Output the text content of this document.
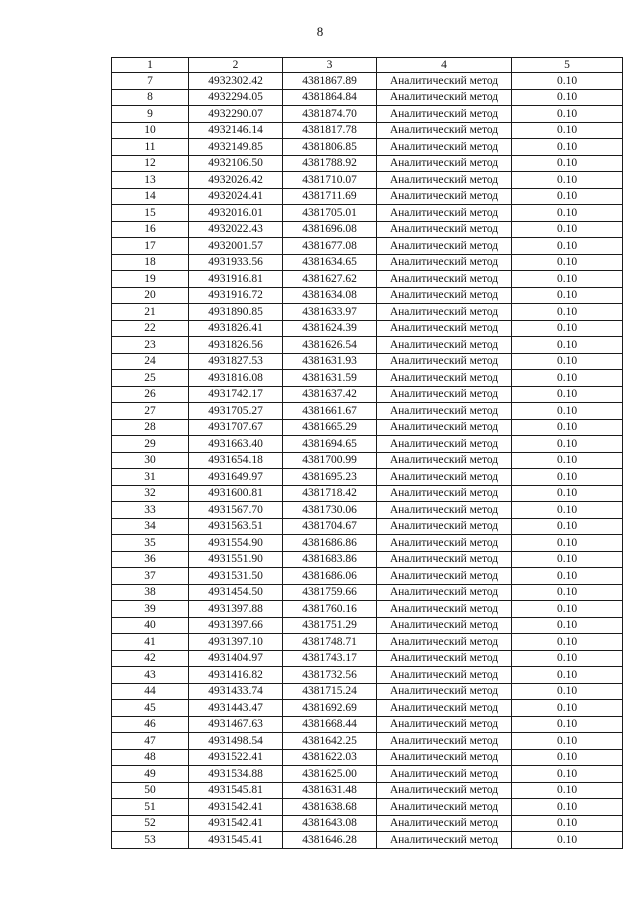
8
1	2	3	4	5
7	4932302.42	4381867.89	Аналитический метод	0.10
8	4932294.05	4381864.84	Аналитический метод	0.10
9	4932290.07	4381874.70	Аналитический метод	0.10
10	4932146.14	4381817.78	Аналитический метод	0.10
11	4932149.85	4381806.85	Аналитический метод	0.10
12	4932106.50	4381788.92	Аналитический метод	0.10
13	4932026.42	4381710.07	Аналитический метод	0.10
14	4932024.41	4381711.69	Аналитический метод	0.10
15	4932016.01	4381705.01	Аналитический метод	0.10
16	4932022.43	4381696.08	Аналитический метод	0.10
17	4932001.57	4381677.08	Аналитический метод	0.10
18	4931933.56	4381634.65	Аналитический метод	0.10
19	4931916.81	4381627.62	Аналитический метод	0.10
20	4931916.72	4381634.08	Аналитический метод	0.10
21	4931890.85	4381633.97	Аналитический метод	0.10
22	4931826.41	4381624.39	Аналитический метод	0.10
23	4931826.56	4381626.54	Аналитический метод	0.10
24	4931827.53	4381631.93	Аналитический метод	0.10
25	4931816.08	4381631.59	Аналитический метод	0.10
26	4931742.17	4381637.42	Аналитический метод	0.10
27	4931705.27	4381661.67	Аналитический метод	0.10
28	4931707.67	4381665.29	Аналитический метод	0.10
29	4931663.40	4381694.65	Аналитический метод	0.10
30	4931654.18	4381700.99	Аналитический метод	0.10
31	4931649.97	4381695.23	Аналитический метод	0.10
32	4931600.81	4381718.42	Аналитический метод	0.10
33	4931567.70	4381730.06	Аналитический метод	0.10
34	4931563.51	4381704.67	Аналитический метод	0.10
35	4931554.90	4381686.86	Аналитический метод	0.10
36	4931551.90	4381683.86	Аналитический метод	0.10
37	4931531.50	4381686.06	Аналитический метод	0.10
38	4931454.50	4381759.66	Аналитический метод	0.10
39	4931397.88	4381760.16	Аналитический метод	0.10
40	4931397.66	4381751.29	Аналитический метод	0.10
41	4931397.10	4381748.71	Аналитический метод	0.10
42	4931404.97	4381743.17	Аналитический метод	0.10
43	4931416.82	4381732.56	Аналитический метод	0.10
44	4931433.74	4381715.24	Аналитический метод	0.10
45	4931443.47	4381692.69	Аналитический метод	0.10
46	4931467.63	4381668.44	Аналитический метод	0.10
47	4931498.54	4381642.25	Аналитический метод	0.10
48	4931522.41	4381622.03	Аналитический метод	0.10
49	4931534.88	4381625.00	Аналитический метод	0.10
50	4931545.81	4381631.48	Аналитический метод	0.10
51	4931542.41	4381638.68	Аналитический метод	0.10
52	4931542.41	4381643.08	Аналитический метод	0.10
53	4931545.41	4381646.28	Аналитический метод	0.10
